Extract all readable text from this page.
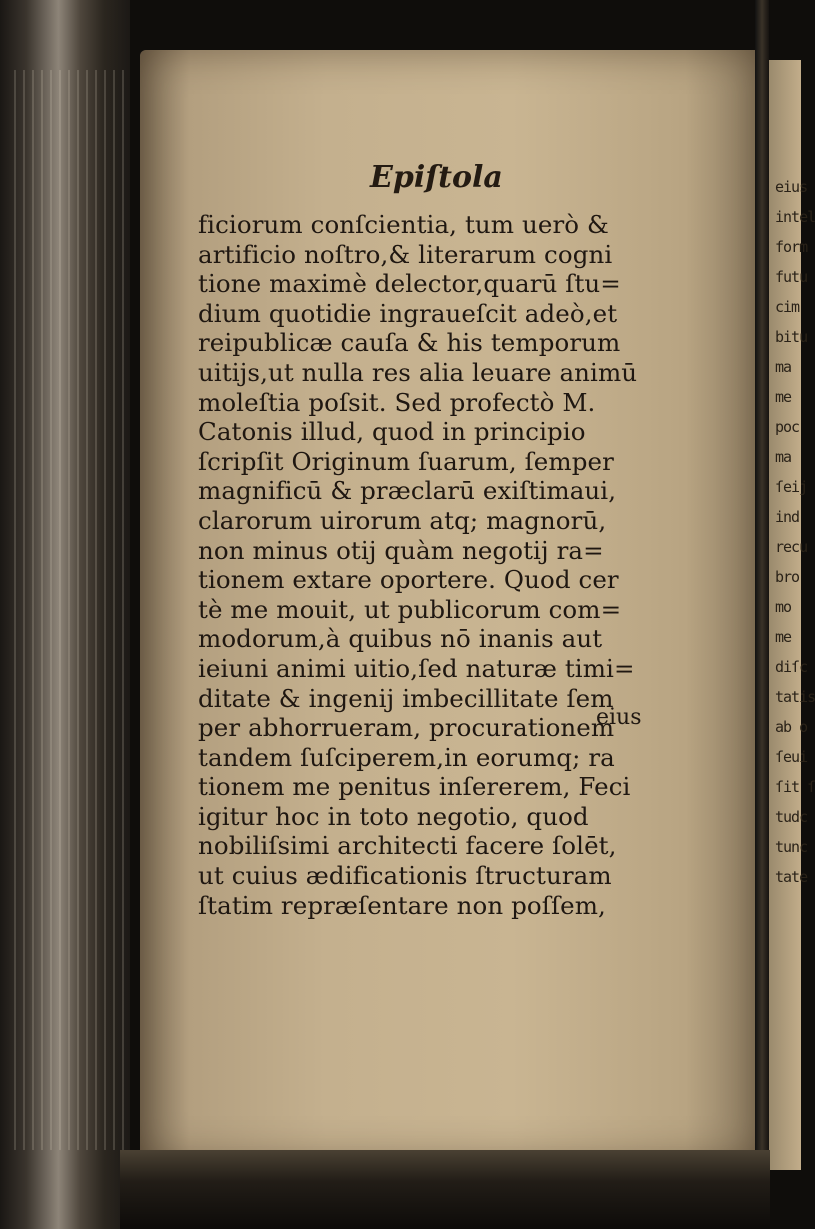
eius
intel
form
futu
cim
bitu
ma
me
poc
ma
ſeij
ind
recu
bro
mo
me
diſc
tatis
ab o
ſeui
ſit ſ
tudc
tunc
tate
Epiſtola
ficiorum conſcientia, tum uerò &
artificio noſtro,& literarum cogni
tione maximè delector,quarū ſtu=
dium quotidie ingraueſcit adeò,et
reipublicæ cauſa & his temporum
uitijs,ut nulla res alia leuare animū
moleſtia poſsit. Sed profectò M.
Catonis illud, quod in principio
ſcripſit Originum ſuarum, ſemper
magnificū & præclarū exiſtimaui,
clarorum uirorum atq; magnorū,
non minus otij quàm negotij ra=
tionem extare oportere. Quod cer
tè me mouit, ut publicorum com=
modorum,à quibus nō inanis aut
ieiuni animi uitio,ſed naturæ timi=
ditate & ingenij imbecillitate ſem
per abhorrueram, procurationem
tandem ſuſciperem,in eorumq; ra
tionem me penitus inſererem, Feci
igitur hoc in toto negotio, quod
nobiliſsimi architecti facere ſolēt,
ut cuius ædificationis ſtructuram
ſtatim repræſentare non poſſem,
eius
